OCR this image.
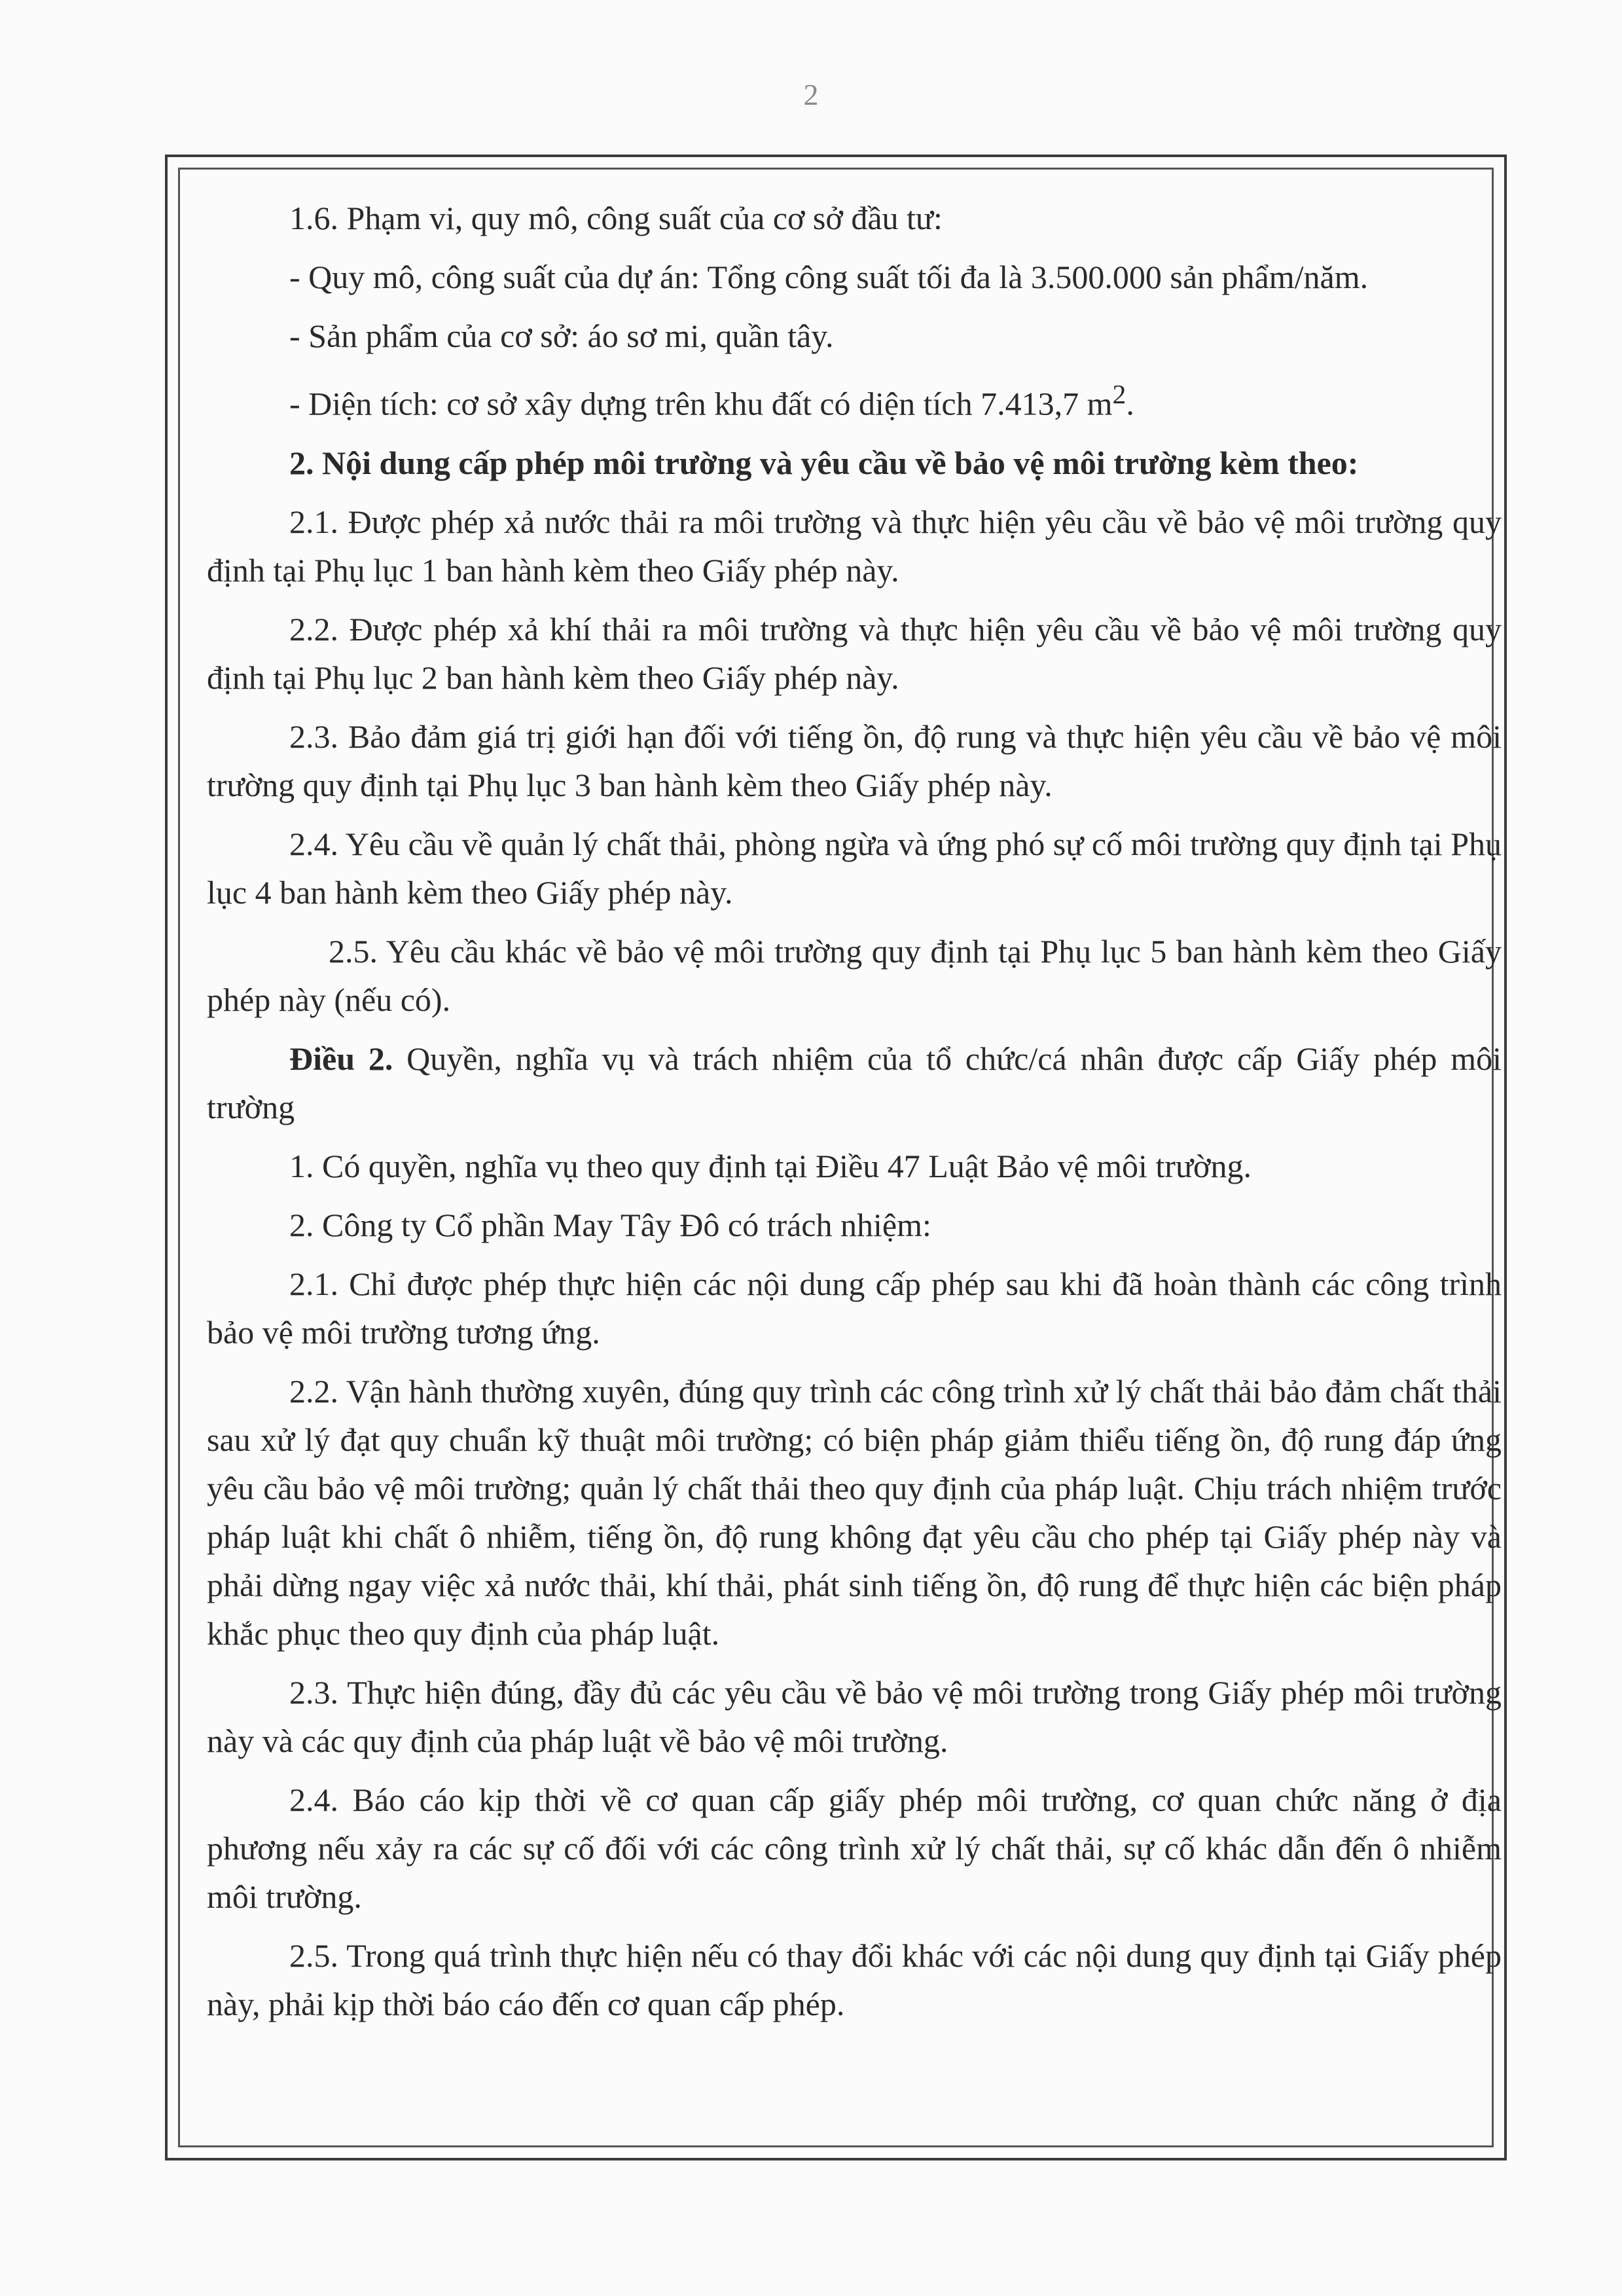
2

1.6. Phạm vi, quy mô, công suất của cơ sở đầu tư:

- Quy mô, công suất của dự án: Tổng công suất tối đa là 3.500.000 sản phẩm/năm.

- Sản phẩm của cơ sở: áo sơ mi, quần tây.

- Diện tích: cơ sở xây dựng trên khu đất có diện tích 7.413,7 $m^2$.

2. Nội dung cấp phép môi trường và yêu cầu về bảo vệ môi trường kèm theo:

2.1. Được phép xả nước thải ra môi trường và thực hiện yêu cầu về bảo vệ môi trường quy định tại Phụ lục 1 ban hành kèm theo Giấy phép này.

2.2. Được phép xả khí thải ra môi trường và thực hiện yêu cầu về bảo vệ môi trường quy định tại Phụ lục 2 ban hành kèm theo Giấy phép này.

2.3. Bảo đảm giá trị giới hạn đối với tiếng ồn, độ rung và thực hiện yêu cầu về bảo vệ môi trường quy định tại Phụ lục 3 ban hành kèm theo Giấy phép này.

2.4. Yêu cầu về quản lý chất thải, phòng ngừa và ứng phó sự cố môi trường quy định tại Phụ lục 4 ban hành kèm theo Giấy phép này.

2.5. Yêu cầu khác về bảo vệ môi trường quy định tại Phụ lục 5 ban hành kèm theo Giấy phép này (nếu có).

Điều 2. Quyền, nghĩa vụ và trách nhiệm của tổ chức/cá nhân được cấp Giấy phép môi trường

1. Có quyền, nghĩa vụ theo quy định tại Điều 47 Luật Bảo vệ môi trường.

2. Công ty Cổ phần May Tây Đô có trách nhiệm:

2.1. Chỉ được phép thực hiện các nội dung cấp phép sau khi đã hoàn thành các công trình bảo vệ môi trường tương ứng.

2.2. Vận hành thường xuyên, đúng quy trình các công trình xử lý chất thải bảo đảm chất thải sau xử lý đạt quy chuẩn kỹ thuật môi trường; có biện pháp giảm thiểu tiếng ồn, độ rung đáp ứng yêu cầu bảo vệ môi trường; quản lý chất thải theo quy định của pháp luật. Chịu trách nhiệm trước pháp luật khi chất ô nhiễm, tiếng ồn, độ rung không đạt yêu cầu cho phép tại Giấy phép này và phải dừng ngay việc xả nước thải, khí thải, phát sinh tiếng ồn, độ rung để thực hiện các biện pháp khắc phục theo quy định của pháp luật.

2.3. Thực hiện đúng, đầy đủ các yêu cầu về bảo vệ môi trường trong Giấy phép môi trường này và các quy định của pháp luật về bảo vệ môi trường.

2.4. Báo cáo kịp thời về cơ quan cấp giấy phép môi trường, cơ quan chức năng ở địa phương nếu xảy ra các sự cố đối với các công trình xử lý chất thải, sự cố khác dẫn đến ô nhiễm môi trường.

2.5. Trong quá trình thực hiện nếu có thay đổi khác với các nội dung quy định tại Giấy phép này, phải kịp thời báo cáo đến cơ quan cấp phép.
